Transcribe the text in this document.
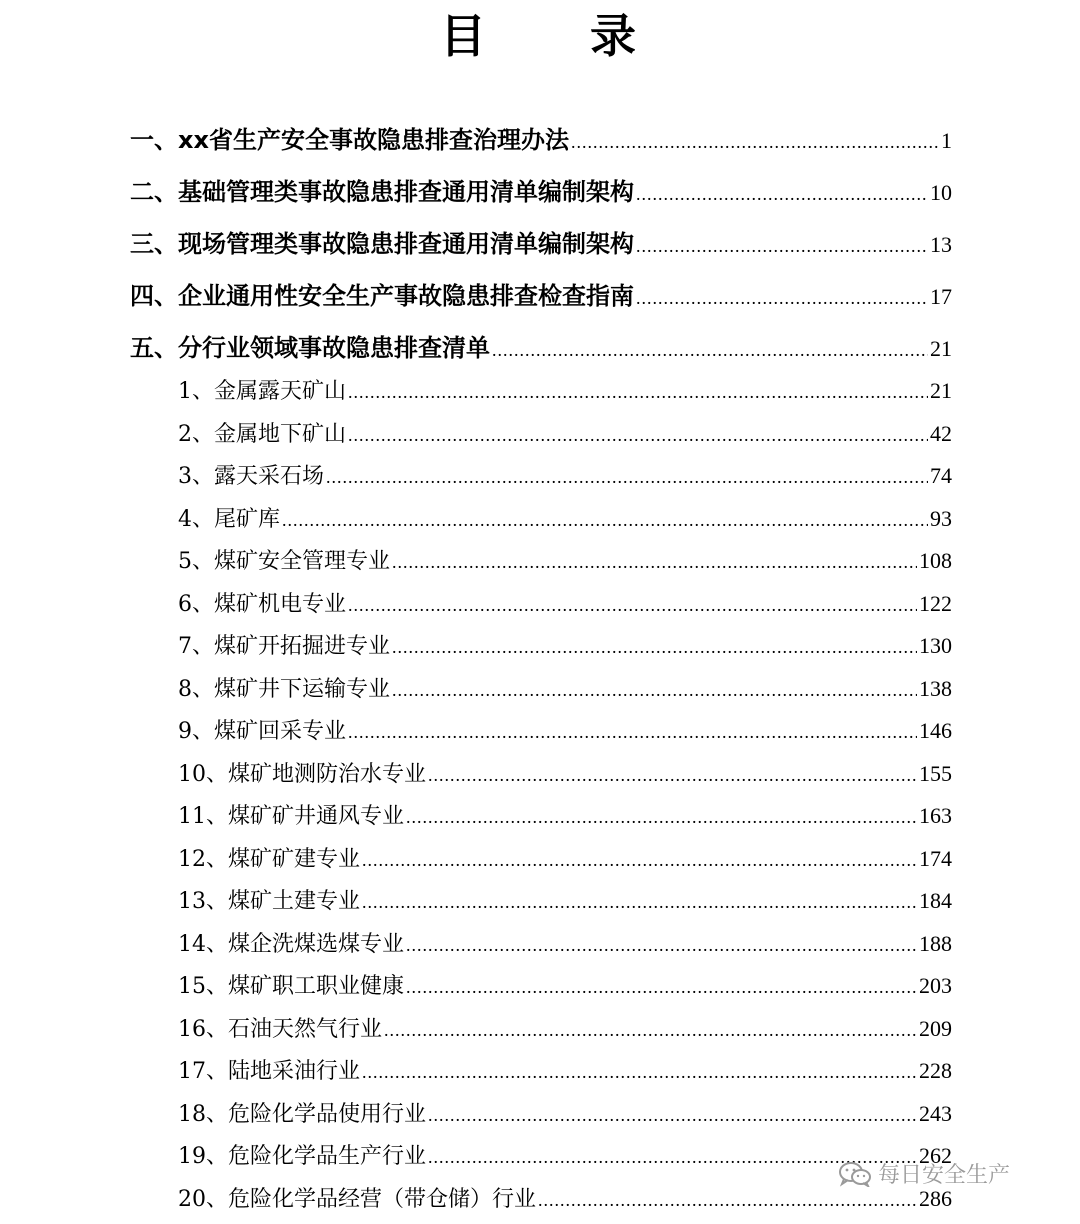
目 录
一、xx省生产安全事故隐患排查治理办法 .....	1
二、基础管理类事故隐患排查通用清单编制架构 .....	10
三、现场管理类事故隐患排查通用清单编制架构 .....	13
四、企业通用性安全生产事故隐患排查检查指南 .....	17
五、分行业领域事故隐患排查清单 .....	21
1、金属露天矿山 .....	21
2、金属地下矿山 .....	42
3、露天采石场 .....	74
4、尾矿库 .....	93
5、煤矿安全管理专业 .....	108
6、煤矿机电专业 .....	122
7、煤矿开拓掘进专业 .....	130
8、煤矿井下运输专业 .....	138
9、煤矿回采专业 .....	146
10、煤矿地测防治水专业 .....	155
11、煤矿矿井通风专业 .....	163
12、煤矿矿建专业 .....	174
13、煤矿土建专业 .....	184
14、煤企洗煤选煤专业 .....	188
15、煤矿职工职业健康 .....	203
16、石油天然气行业 .....	209
17、陆地采油行业 .....	228
18、危险化学品使用行业 .....	243
19、危险化学品生产行业 .....	262
20、危险化学品经营（带仓储）行业 .....	286
每日安全生产
